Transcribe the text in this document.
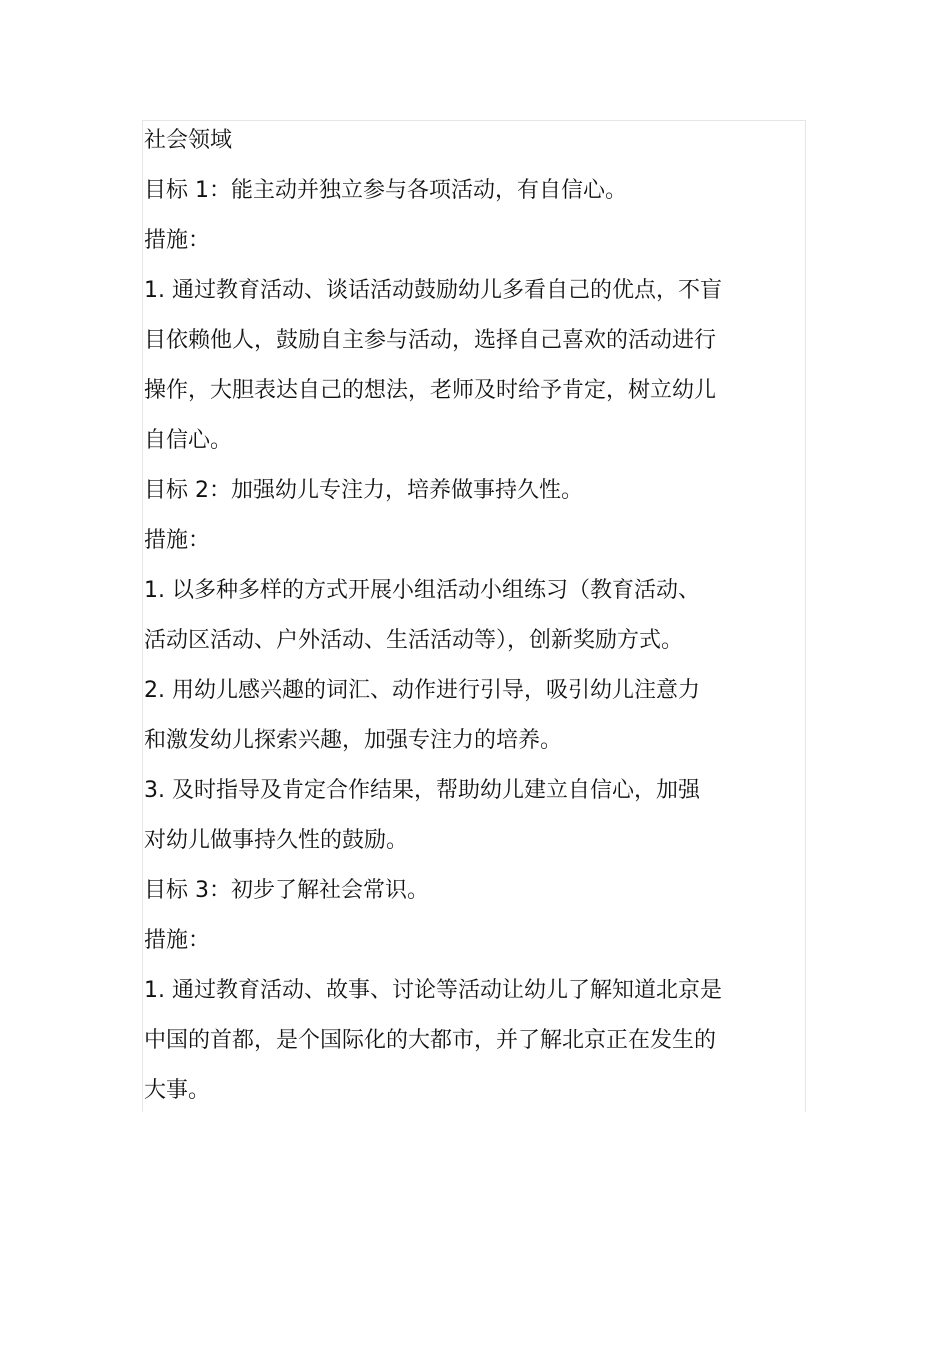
社会领域
目标 1：能主动并独立参与各项活动，有自信心。
措施：
1. 通过教育活动、谈话活动鼓励幼儿多看自己的优点，不盲
目依赖他人，鼓励自主参与活动，选择自己喜欢的活动进行
操作，大胆表达自己的想法，老师及时给予肯定，树立幼儿
自信心。
目标 2：加强幼儿专注力，培养做事持久性。
措施：
1. 以多种多样的方式开展小组活动小组练习（教育活动、
活动区活动、户外活动、生活活动等），创新奖励方式。
2. 用幼儿感兴趣的词汇、动作进行引导，吸引幼儿注意力
和激发幼儿探索兴趣，加强专注力的培养。
3. 及时指导及肯定合作结果，帮助幼儿建立自信心，加强
对幼儿做事持久性的鼓励。
目标 3：初步了解社会常识。
措施：
1. 通过教育活动、故事、讨论等活动让幼儿了解知道北京是
中国的首都，是个国际化的大都市，并了解北京正在发生的
大事。
